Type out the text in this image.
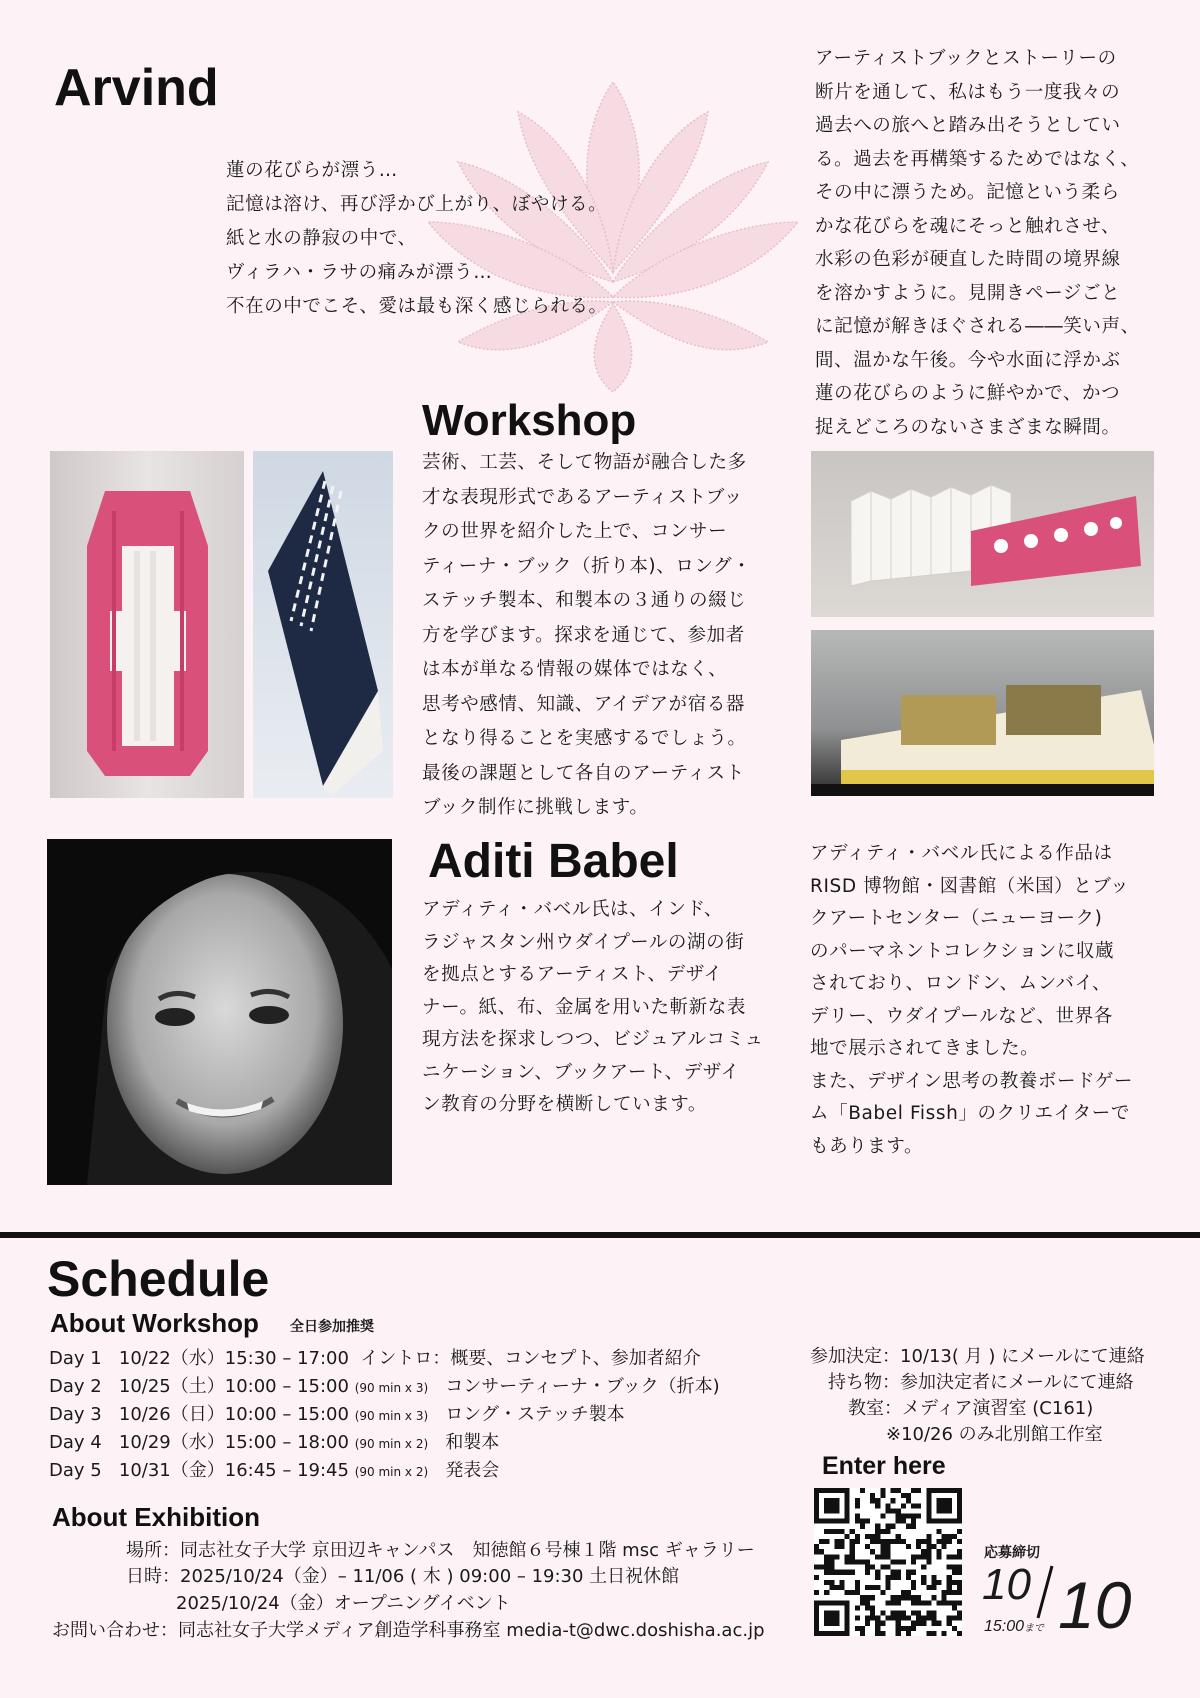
Arvind
蓮の花びらが漂う…
記憶は溶け、再び浮かび上がり、ぼやける。
紙と水の静寂の中で、
ヴィラハ・ラサの痛みが漂う…
不在の中でこそ、愛は最も深く感じられる。
アーティストブックとストーリーの
断片を通して、私はもう一度我々の
過去への旅へと踏み出そうとしてい
る。過去を再構築するためではなく、
その中に漂うため。記憶という柔ら
かな花びらを魂にそっと触れさせ、
水彩の色彩が硬直した時間の境界線
を溶かすように。見開きページごと
に記憶が解きほぐされる――笑い声、
間、温かな午後。今や水面に浮かぶ
蓮の花びらのように鮮やかで、かつ
捉えどころのないさまざまな瞬間。
Workshop
芸術、工芸、そして物語が融合した多
才な表現形式であるアーティストブッ
クの世界を紹介した上で、コンサー
ティーナ・ブック（折り本)、ロング・
ステッチ製本、和製本の３通りの綴じ
方を学びます。探求を通じて、参加者
は本が単なる情報の媒体ではなく、
思考や感情、知識、アイデアが宿る器
となり得ることを実感するでしょう。
最後の課題として各自のアーティスト
ブック制作に挑戦します。
Aditi Babel
アディティ・バベル氏は、インド、
ラジャスタン州ウダイプールの湖の街
を拠点とするアーティスト、デザイ
ナー。紙、布、金属を用いた斬新な表
現方法を探求しつつ、ビジュアルコミュ
ニケーション、ブックアート、デザイ
ン教育の分野を横断しています。
アディティ・バベル氏による作品は
RISD 博物館・図書館（米国）とブッ
クアートセンター（ニューヨーク)
のパーマネントコレクションに収蔵
されており、ロンドン、ムンバイ、
デリー、ウダイプールなど、世界各
地で展示されてきました。
また、デザイン思考の教養ボードゲー
ム「Babel Fissh」のクリエイターで
もあります。
Schedule
About Workshop 全日参加推奨
Day 1 10/22（水）15:30 – 17:00 イントロ：概要、コンセプト、参加者紹介
Day 2 10/25（土）10:00 – 15:00 (90 min x 3) コンサーティーナ・ブック（折本)
Day 3 10/26（日）10:00 – 15:00 (90 min x 3) ロング・ステッチ製本
Day 4 10/29（水）15:00 – 18:00 (90 min x 2) 和製本
Day 5 10/31（金）16:45 – 19:45 (90 min x 2) 発表会
About Exhibition
場所：同志社女子大学 京田辺キャンパス　知徳館６号棟１階 msc ギャラリー
日時：2025/10/24（金）– 11/06 ( 木 ) 09:00 – 19:30 土日祝休館
2025/10/24（金）オープニングイベント
お問い合わせ：同志社女子大学メディア創造学科事務室 media-t@dwc.doshisha.ac.jp
参加決定：10/13( 月 ) にメールにて連絡
持ち物：参加決定者にメールにて連絡
教室：メディア演習室 (C161)
※10/26 のみ北別館工作室
Enter here
応募締切
10 10
15:00まで
